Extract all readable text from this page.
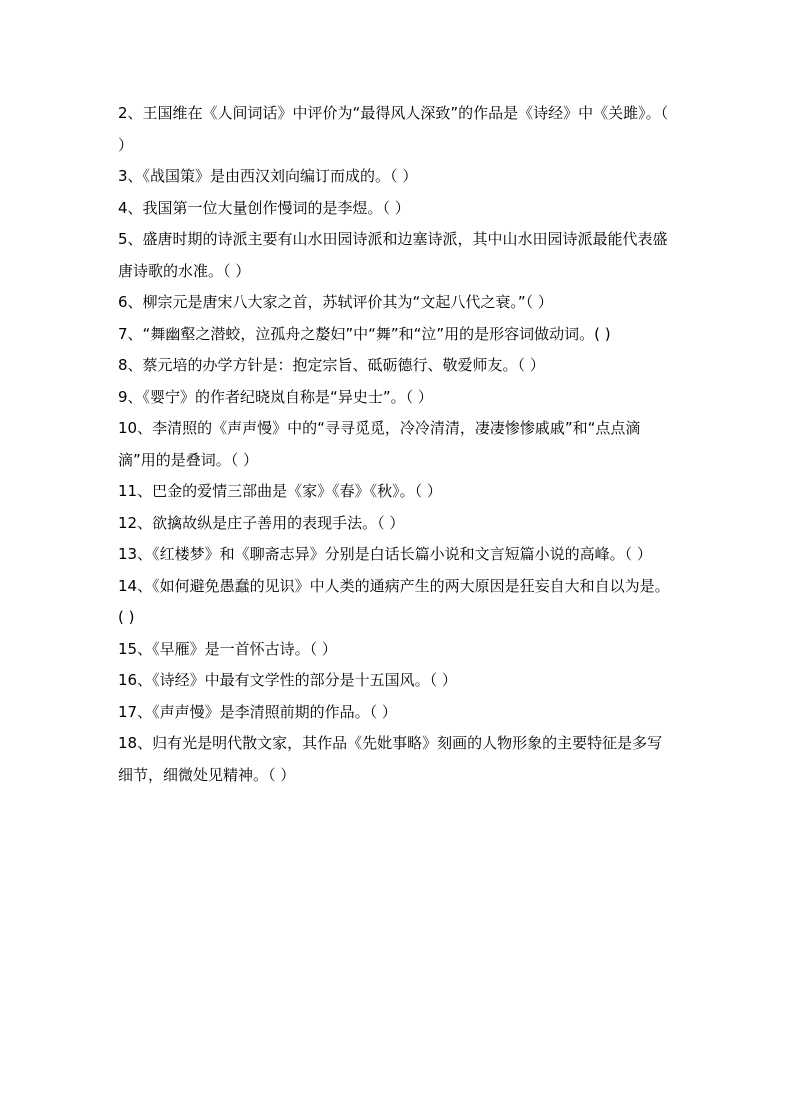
2、王国维在《人间词话》中评价为“最得风人深致”的作品是《诗经》中《关雎》。（ ）

3、《战国策》是由西汉刘向编订而成的。（ ）

4、我国第一位大量创作慢词的是李煜。（ ）

5、盛唐时期的诗派主要有山水田园诗派和边塞诗派，其中山水田园诗派最能代表盛唐诗歌的水准。（ ）

6、柳宗元是唐宋八大家之首，苏轼评价其为“文起八代之衰。”（ ）

7、“舞幽壑之潜蛟，泣孤舟之嫠妇”中“舞”和“泣”用的是形容词做动词。( )

8、蔡元培的办学方针是：抱定宗旨、砥砺德行、敬爱师友。（ ）

9、《婴宁》的作者纪晓岚自称是“异史士”。（ ）

10、李清照的《声声慢》中的“寻寻觅觅，冷冷清清，凄凄惨惨戚戚”和“点点滴滴”用的是叠词。（ ）

11、巴金的爱情三部曲是《家》《春》《秋》。（ ）

12、欲擒故纵是庄子善用的表现手法。（ ）

13、《红楼梦》和《聊斋志异》分别是白话长篇小说和文言短篇小说的高峰。（ ）

14、《如何避免愚蠢的见识》中人类的通病产生的两大原因是狂妄自大和自以为是。( )

15、《早雁》是一首怀古诗。（ ）

16、《诗经》中最有文学性的部分是十五国风。（ ）

17、《声声慢》是李清照前期的作品。（ ）

18、归有光是明代散文家，其作品《先妣事略》刻画的人物形象的主要特征是多写细节，细微处见精神。（ ）
